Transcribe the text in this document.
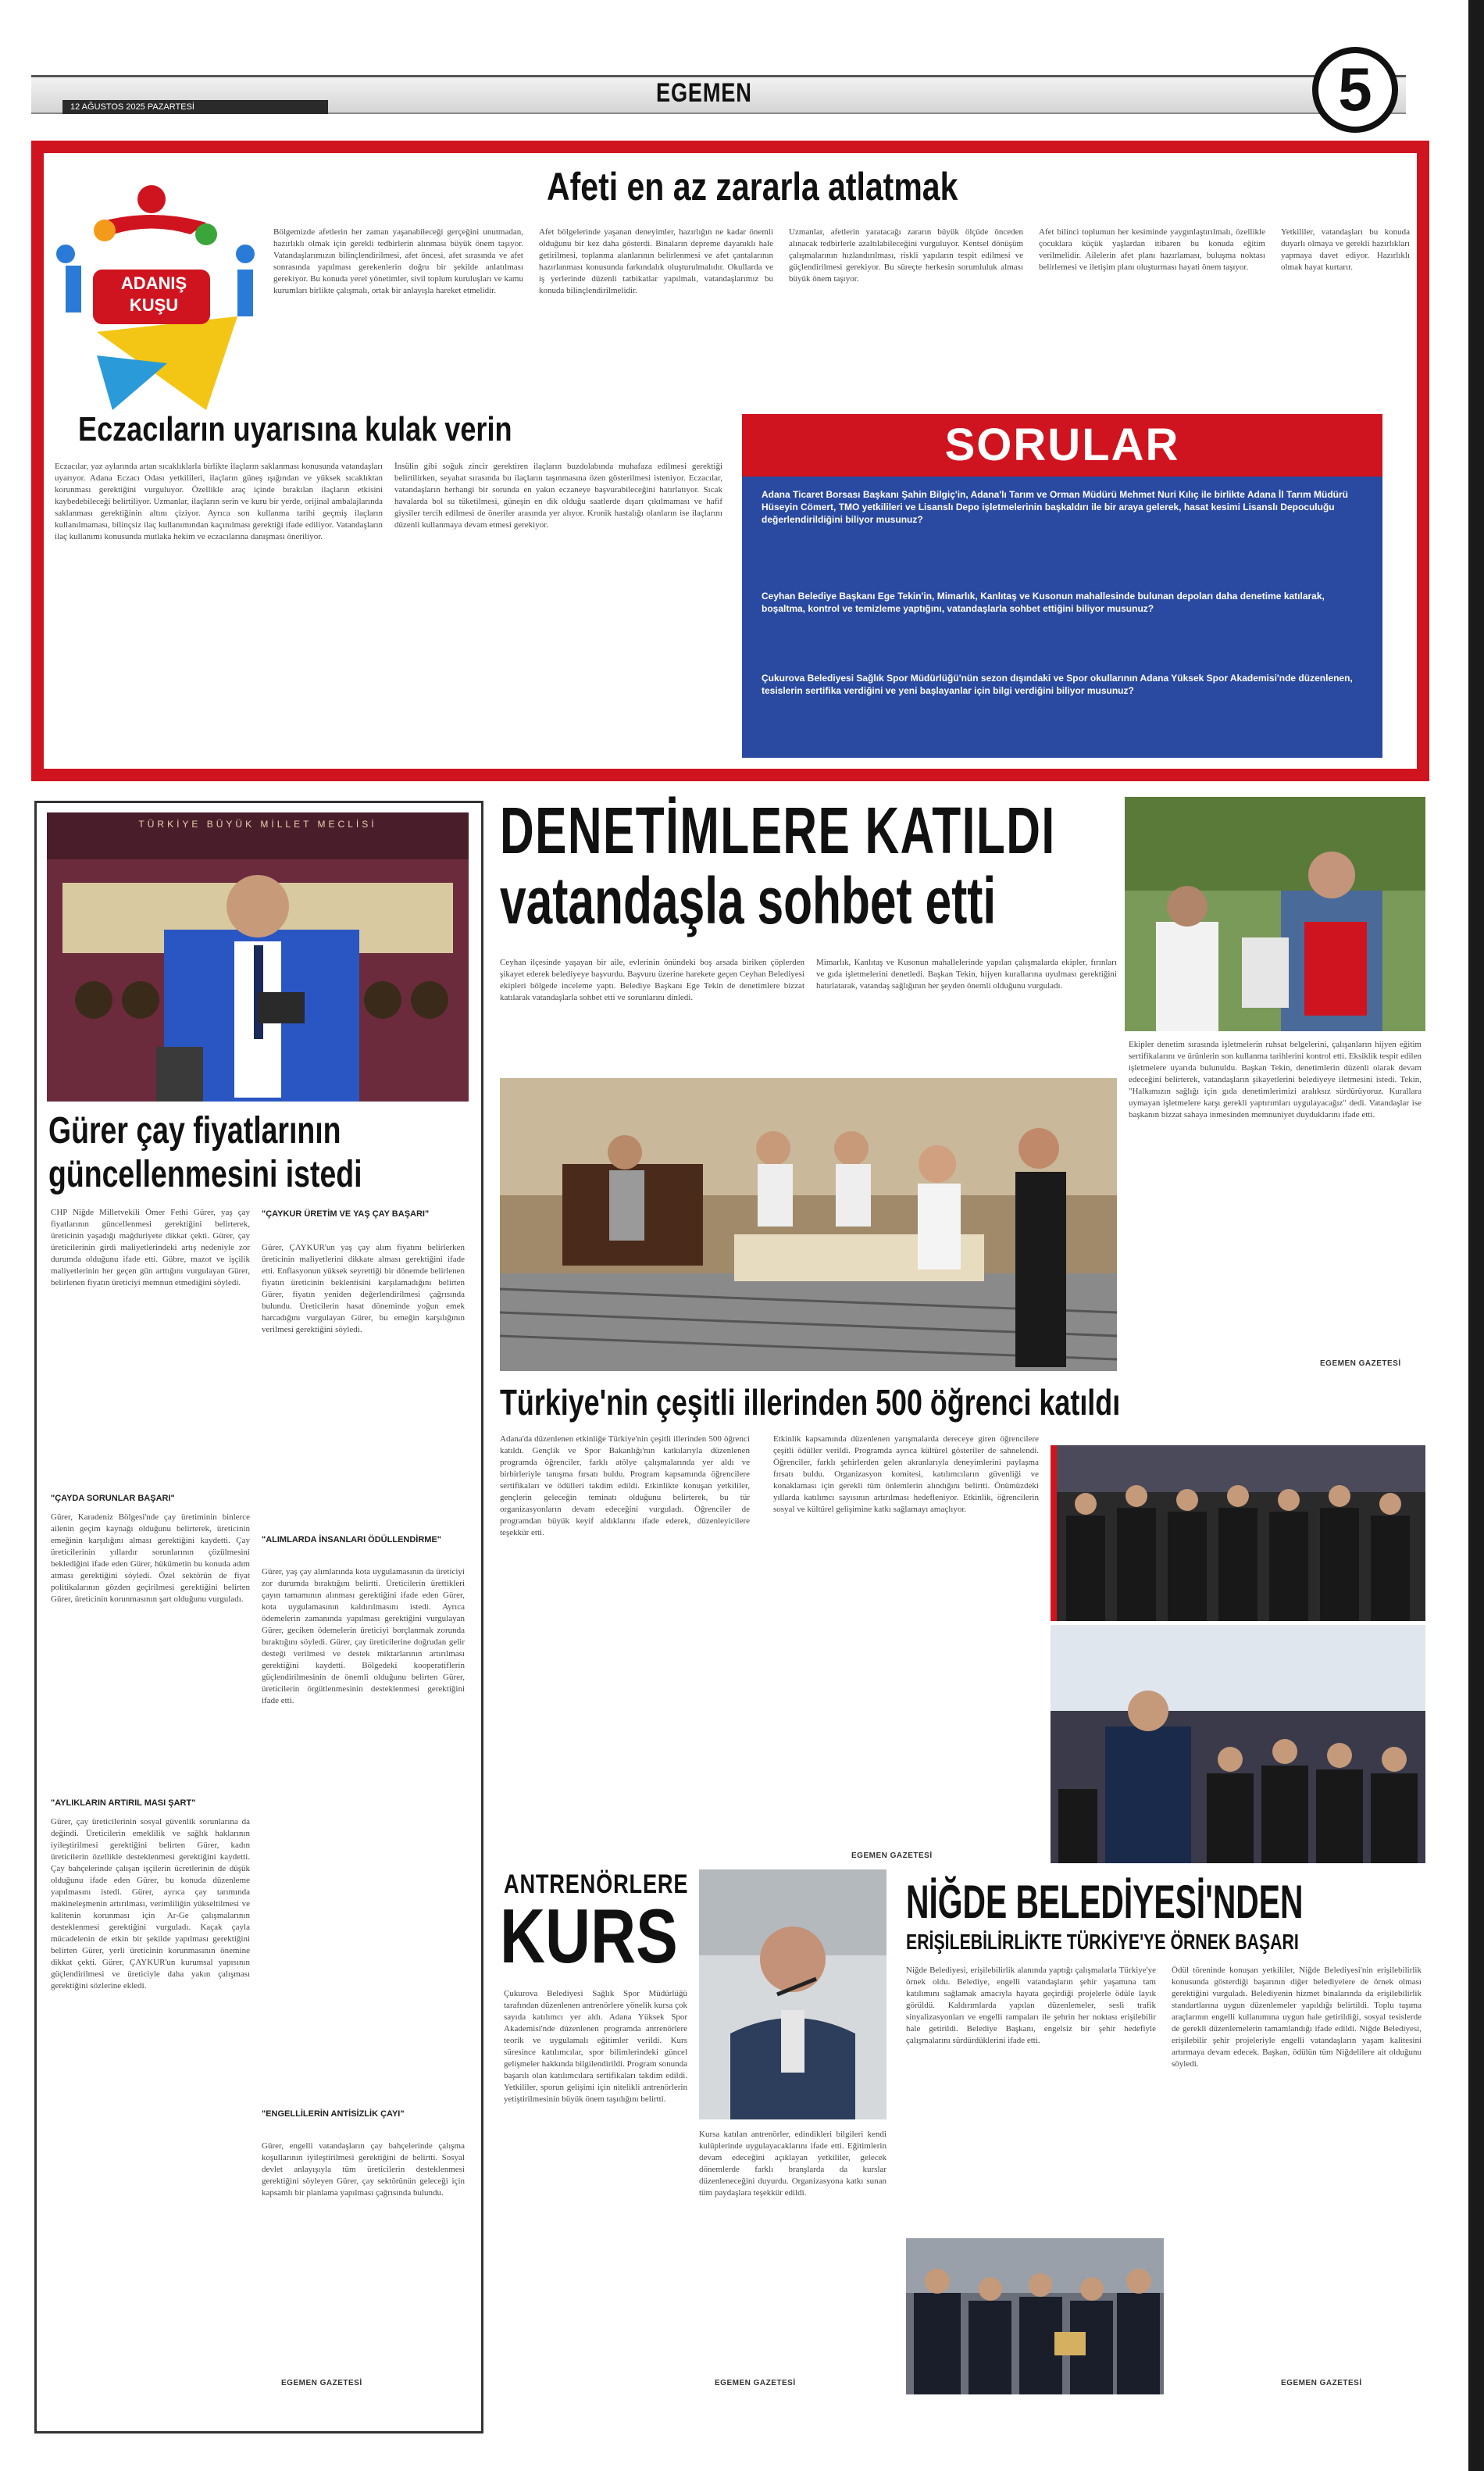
12 AĞUSTOS 2025 PAZARTESİ	EGEMEN	5
ADANIŞ
KUŞU
Afeti en az zararla atlatmak
Bölgemizde afetlerin her zaman yaşanabileceği gerçeğini unutmadan, hazırlıklı olmak için gerekli tedbirlerin alınması büyük önem taşıyor. Vatandaşlarımızın bilinçlendirilmesi, afet öncesi, afet sırasında ve afet sonrasında yapılması gerekenlerin doğru bir şekilde anlatılması gerekiyor. Bu konuda yerel yönetimler, sivil toplum kuruluşları ve kamu kurumları birlikte çalışmalı, ortak bir anlayışla hareket etmelidir.
Afet bölgelerinde yaşanan deneyimler, hazırlığın ne kadar önemli olduğunu bir kez daha gösterdi. Binaların depreme dayanıklı hale getirilmesi, toplanma alanlarının belirlenmesi ve afet çantalarının hazırlanması konusunda farkındalık oluşturulmalıdır. Okullarda ve iş yerlerinde düzenli tatbikatlar yapılmalı, vatandaşlarımız bu konuda bilinçlendirilmelidir.
Uzmanlar, afetlerin yaratacağı zararın büyük ölçüde önceden alınacak tedbirlerle azaltılabileceğini vurguluyor. Kentsel dönüşüm çalışmalarının hızlandırılması, riskli yapıların tespit edilmesi ve güçlendirilmesi gerekiyor. Bu süreçte herkesin sorumluluk alması büyük önem taşıyor.
Afet bilinci toplumun her kesiminde yaygınlaştırılmalı, özellikle çocuklara küçük yaşlardan itibaren bu konuda eğitim verilmelidir. Ailelerin afet planı hazırlaması, buluşma noktası belirlemesi ve iletişim planı oluşturması hayati önem taşıyor.
Yetkililer, vatandaşları bu konuda duyarlı olmaya ve gerekli hazırlıkları yapmaya davet ediyor. Hazırlıklı olmak hayat kurtarır.
Eczacıların uyarısına kulak verin
Eczacılar, yaz aylarında artan sıcaklıklarla birlikte ilaçların saklanması konusunda vatandaşları uyarıyor. Adana Eczacı Odası yetkilileri, ilaçların güneş ışığından ve yüksek sıcaklıktan korunması gerektiğini vurguluyor. Özellikle araç içinde bırakılan ilaçların etkisini kaybedebileceği belirtiliyor. Uzmanlar, ilaçların serin ve kuru bir yerde, orijinal ambalajlarında saklanması gerektiğinin altını çiziyor. Ayrıca son kullanma tarihi geçmiş ilaçların kullanılmaması, bilinçsiz ilaç kullanımından kaçınılması gerektiği ifade ediliyor. Vatandaşların ilaç kullanımı konusunda mutlaka hekim ve eczacılarına danışması öneriliyor.
İnsülin gibi soğuk zincir gerektiren ilaçların buzdolabında muhafaza edilmesi gerektiği belirtilirken, seyahat sırasında bu ilaçların taşınmasına özen gösterilmesi isteniyor. Eczacılar, vatandaşların herhangi bir sorunda en yakın eczaneye başvurabileceğini hatırlatıyor. Sıcak havalarda bol su tüketilmesi, güneşin en dik olduğu saatlerde dışarı çıkılmaması ve hafif giysiler tercih edilmesi de öneriler arasında yer alıyor. Kronik hastalığı olanların ise ilaçlarını düzenli kullanmaya devam etmesi gerekiyor.
SORULAR
Adana Ticaret Borsası Başkanı Şahin Bilgiç'in, Adana'lı Tarım ve Orman Müdürü Mehmet Nuri Kılıç ile birlikte Adana İl Tarım Müdürü Hüseyin Cömert, TMO yetkilileri ve Lisanslı Depo işletmelerinin başkaldırı ile bir araya gelerek, hasat kesimi Lisanslı Depoculuğu değerlendirildiğini biliyor musunuz?
Ceyhan Belediye Başkanı Ege Tekin'in, Mimarlık, Kanlıtaş ve Kusonun mahallesinde bulunan depoları daha denetime katılarak, boşaltma, kontrol ve temizleme yaptığını, vatandaşlarla sohbet ettiğini biliyor musunuz?
Çukurova Belediyesi Sağlık Spor Müdürlüğü'nün sezon dışındaki ve Spor okullarının Adana Yüksek Spor Akademisi'nde düzenlenen, tesislerin sertifika verdiğini ve yeni başlayanlar için bilgi verdiğini biliyor musunuz?
TÜRKİYE BÜYÜK MİLLET MECLİSİ
Gürer çay fiyatlarının
güncellenmesini istedi
CHP Niğde Milletvekili Ömer Fethi Gürer, yaş çay fiyatlarının güncellenmesi gerektiğini belirterek, üreticinin yaşadığı mağduriyete dikkat çekti. Gürer, çay üreticilerinin girdi maliyetlerindeki artış nedeniyle zor durumda olduğunu ifade etti. Gübre, mazot ve işçilik maliyetlerinin her geçen gün arttığını vurgulayan Gürer, belirlenen fiyatın üreticiyi memnun etmediğini söyledi.
"ÇAYDA SORUNLAR BAŞARI"
Gürer, Karadeniz Bölgesi'nde çay üretiminin binlerce ailenin geçim kaynağı olduğunu belirterek, üreticinin emeğinin karşılığını alması gerektiğini kaydetti. Çay üreticilerinin yıllardır sorunlarının çözülmesini beklediğini ifade eden Gürer, hükümetin bu konuda adım atması gerektiğini söyledi. Özel sektörün de fiyat politikalarının gözden geçirilmesi gerektiğini belirten Gürer, üreticinin korunmasının şart olduğunu vurguladı.
"AYLIKLARIN ARTIRIL MASI ŞART"
Gürer, çay üreticilerinin sosyal güvenlik sorunlarına da değindi. Üreticilerin emeklilik ve sağlık haklarının iyileştirilmesi gerektiğini belirten Gürer, kadın üreticilerin özellikle desteklenmesi gerektiğini kaydetti. Çay bahçelerinde çalışan işçilerin ücretlerinin de düşük olduğunu ifade eden Gürer, bu konuda düzenleme yapılmasını istedi. Gürer, ayrıca çay tarımında makineleşmenin artırılması, verimliliğin yükseltilmesi ve kalitenin korunması için Ar-Ge çalışmalarının desteklenmesi gerektiğini vurguladı. Kaçak çayla mücadelenin de etkin bir şekilde yapılması gerektiğini belirten Gürer, yerli üreticinin korunmasının önemine dikkat çekti. Gürer, ÇAYKUR'un kurumsal yapısının güçlendirilmesi ve üreticiyle daha yakın çalışması gerektiğini sözlerine ekledi.
"ÇAYKUR ÜRETİM VE YAŞ ÇAY BAŞARI"
Gürer, ÇAYKUR'un yaş çay alım fiyatını belirlerken üreticinin maliyetlerini dikkate alması gerektiğini ifade etti. Enflasyonun yüksek seyrettiği bir dönemde belirlenen fiyatın üreticinin beklentisini karşılamadığını belirten Gürer, fiyatın yeniden değerlendirilmesi çağrısında bulundu. Üreticilerin hasat döneminde yoğun emek harcadığını vurgulayan Gürer, bu emeğin karşılığının verilmesi gerektiğini söyledi.
"ALIMLARDA İNSANLARI ÖDÜLLENDİRME"
Gürer, yaş çay alımlarında kota uygulamasının da üreticiyi zor durumda bıraktığını belirtti. Üreticilerin ürettikleri çayın tamamının alınması gerektiğini ifade eden Gürer, kota uygulamasının kaldırılmasını istedi. Ayrıca ödemelerin zamanında yapılması gerektiğini vurgulayan Gürer, geciken ödemelerin üreticiyi borçlanmak zorunda bıraktığını söyledi. Gürer, çay üreticilerine doğrudan gelir desteği verilmesi ve destek miktarlarının artırılması gerektiğini kaydetti. Bölgedeki kooperatiflerin güçlendirilmesinin de önemli olduğunu belirten Gürer, üreticilerin örgütlenmesinin desteklenmesi gerektiğini ifade etti.
"ENGELLİLERİN ANTİSİZLİK ÇAYI"
Gürer, engelli vatandaşların çay bahçelerinde çalışma koşullarının iyileştirilmesi gerektiğini de belirtti. Sosyal devlet anlayışıyla tüm üreticilerin desteklenmesi gerektiğini söyleyen Gürer, çay sektörünün geleceği için kapsamlı bir planlama yapılması çağrısında bulundu.
EGEMEN GAZETESİ
DENETİMLERE KATILDI
vatandaşla sohbet etti
Ceyhan ilçesinde yaşayan bir aile, evlerinin önündeki boş arsada biriken çöplerden şikayet ederek belediyeye başvurdu. Başvuru üzerine harekete geçen Ceyhan Belediyesi ekipleri bölgede inceleme yaptı. Belediye Başkanı Ege Tekin de denetimlere bizzat katılarak vatandaşlarla sohbet etti ve sorunlarını dinledi.
Mimarlık, Kanlıtaş ve Kusonun mahallelerinde yapılan çalışmalarda ekipler, fırınları ve gıda işletmelerini denetledi. Başkan Tekin, hijyen kurallarına uyulması gerektiğini hatırlatarak, vatandaş sağlığının her şeyden önemli olduğunu vurguladı.
Ekipler denetim sırasında işletmelerin ruhsat belgelerini, çalışanların hijyen eğitim sertifikalarını ve ürünlerin son kullanma tarihlerini kontrol etti. Eksiklik tespit edilen işletmelere uyarıda bulunuldu. Başkan Tekin, denetimlerin düzenli olarak devam edeceğini belirterek, vatandaşların şikayetlerini belediyeye iletmesini istedi. Tekin, "Halkımızın sağlığı için gıda denetimlerimizi aralıksız sürdürüyoruz. Kurallara uymayan işletmelere karşı gerekli yaptırımları uygulayacağız" dedi. Vatandaşlar ise başkanın bizzat sahaya inmesinden memnuniyet duyduklarını ifade etti.
EGEMEN GAZETESİ
Türkiye'nin çeşitli illerinden 500 öğrenci katıldı
Adana'da düzenlenen etkinliğe Türkiye'nin çeşitli illerinden 500 öğrenci katıldı. Gençlik ve Spor Bakanlığı'nın katkılarıyla düzenlenen programda öğrenciler, farklı atölye çalışmalarında yer aldı ve birbirleriyle tanışma fırsatı buldu. Program kapsamında öğrencilere sertifikaları ve ödülleri takdim edildi. Etkinlikte konuşan yetkililer, gençlerin geleceğin teminatı olduğunu belirterek, bu tür organizasyonların devam edeceğini vurguladı. Öğrenciler de programdan büyük keyif aldıklarını ifade ederek, düzenleyicilere teşekkür etti.
Etkinlik kapsamında düzenlenen yarışmalarda dereceye giren öğrencilere çeşitli ödüller verildi. Programda ayrıca kültürel gösteriler de sahnelendi. Öğrenciler, farklı şehirlerden gelen akranlarıyla deneyimlerini paylaşma fırsatı buldu. Organizasyon komitesi, katılımcıların güvenliği ve konaklaması için gerekli tüm önlemlerin alındığını belirtti. Önümüzdeki yıllarda katılımcı sayısının artırılması hedefleniyor. Etkinlik, öğrencilerin sosyal ve kültürel gelişimine katkı sağlamayı amaçlıyor.
EGEMEN GAZETESİ
ANTRENÖRLERE
KURS
Çukurova Belediyesi Sağlık Spor Müdürlüğü tarafından düzenlenen antrenörlere yönelik kursa çok sayıda katılımcı yer aldı. Adana Yüksek Spor Akademisi'nde düzenlenen programda antrenörlere teorik ve uygulamalı eğitimler verildi. Kurs süresince katılımcılar, spor bilimlerindeki güncel gelişmeler hakkında bilgilendirildi. Program sonunda başarılı olan katılımcılara sertifikaları takdim edildi. Yetkililer, sporun gelişimi için nitelikli antrenörlerin yetiştirilmesinin büyük önem taşıdığını belirtti.
Kursa katılan antrenörler, edindikleri bilgileri kendi kulüplerinde uygulayacaklarını ifade etti. Eğitimlerin devam edeceğini açıklayan yetkililer, gelecek dönemlerde farklı branşlarda da kurslar düzenleneceğini duyurdu. Organizasyona katkı sunan tüm paydaşlara teşekkür edildi.
EGEMEN GAZETESİ
NİĞDE BELEDİYESİ'NDEN
ERİŞİLEBİLİRLİKTE TÜRKİYE'YE ÖRNEK BAŞARI
Niğde Belediyesi, erişilebilirlik alanında yaptığı çalışmalarla Türkiye'ye örnek oldu. Belediye, engelli vatandaşların şehir yaşamına tam katılımını sağlamak amacıyla hayata geçirdiği projelerle ödüle layık görüldü. Kaldırımlarda yapılan düzenlemeler, sesli trafik sinyalizasyonları ve engelli rampaları ile şehrin her noktası erişilebilir hale getirildi. Belediye Başkanı, engelsiz bir şehir hedefiyle çalışmalarını sürdürdüklerini ifade etti.
Ödül töreninde konuşan yetkililer, Niğde Belediyesi'nin erişilebilirlik konusunda gösterdiği başarının diğer belediyelere de örnek olması gerektiğini vurguladı. Belediyenin hizmet binalarında da erişilebilirlik standartlarına uygun düzenlemeler yapıldığı belirtildi. Toplu taşıma araçlarının engelli kullanımına uygun hale getirildiği, sosyal tesislerde de gerekli düzenlemelerin tamamlandığı ifade edildi. Niğde Belediyesi, erişilebilir şehir projeleriyle engelli vatandaşların yaşam kalitesini artırmaya devam edecek. Başkan, ödülün tüm Niğdelilere ait olduğunu söyledi.
EGEMEN GAZETESİ
